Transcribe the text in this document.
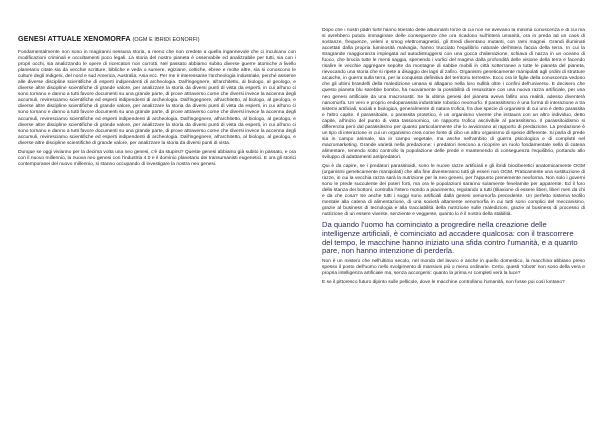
GENESI ATTUALE XENOMORFA (OGM E IBRIDI EONORFI)

Fondamentalmente non sono in magiranni nessuna storia, a meno che non credete a quella ingannevole che ci inculcano con modificazioni criminali e occultamenti poco legali. La storia del nostro pianeta è osservabile ed analizzabile per tutti, sia con i propri occhi, sia analizzando le opere di ricercatori non corrotti. Nel passato abbiamo subito diverse guerre atomiche a livello planetario citate sia da vecchie scritture, bibliche e veda o sumere, egiziane, celtiche, ebree e molte altre, sia si conoscono le culture degli Indigeni, del nord e sud America, Australia, Asia ecc. Per me è interessante l'archeologia industriale, perché assieme alle diverse discipline scientifiche di esperti indipendenti di archeologia. Dall'ingegnere, all'architetto, al biologo, al geologo, e diverse altre discipline scientifiche di grande valore, per analizzare la storia da diversi punti di vista da esperti, in cui all'uno ci sono tornano e danno a tutti favore documenti su una grande parte, di prove attraverso come che diversi invece la accenna degli accumuli, reviresciamo scientifiche ed esperti indipendenti di archeologia. Dall'ingegnere, all'architetto, al biologo, al geologo, e diverse altre discipline scientifiche di grande valore, per analizzare la storia da diversi punti di vista da esperti, in cui all'uno ci sono tornano e danno a tutti favore documenti su una grande parte, di prove attraverso come che diversi invece la accenna degli accumuli, reviresciamo scientifiche ed esperti indipendenti di archeologia. Dall'ingegnere, all'architetto, al biologo, al geologo, e diverse altre discipline scientifiche di grande valore, per analizzare la storia da diversi punti di vista da esperti, in cui all'uno ci sono tornano e danno a tutti favore documenti su una grande parte, di prove attraverso come che diversi invece la accenna degli accumuli, reviresciamo scientifiche ed esperti indipendenti di archeologia. Dall'ingegnere, all'architetto, al biologo, al geologo, e diverse altre discipline scientifiche di grande valore, per analizzare la storia da diversi punti di vista.

Dunque se oggi vivianno per la decima volta una neo genesi, c'è da stupirsi? Queste genesi abbiamo già subito in passato, e ora con il nuovo millennio, la nuova neo genesi con l'industria 4.0 e il dominio planetario dei transumanisti eugenetici. E ora gli storici contemporanei del nuovo millennio, si stanno occupando di investigare la nostra neo genesi.

Dopo che i nostri padri fortil hanno liberato delle allucinanti forze di cui non ne avevano la minima conoscenza e di cui ma si avrebbero potuto immaginare delle conseguenze che ora ricadono sull'intera umanità, ora in preda ad un caos di sostanze, frequenze, veleni e smog elettromagnetici, gli Eredi diventano mutanti, con rami magnei. Grandi illuminati accettati dalla propria luminosità malvagia, hanno trucciato l'equilibrio naturale dell'intera faccia della terra. In cui la stragrande maggioranza impiegata ad autodistruggersi con una gocca d'alienazione, schiava di nazza in un oceano di fuoco, che brucia tutte le menti saggia, spenendo i vorlici del magma dalla profondità delle visione della terra e facendo risalire le vecchie aggregare sepolte da montagne di sabbie mobili in città sotterranee a tutte le pianeta del pianeta, rievocando una storia che si ripete a disaggio dei lagri di zafiro. Organismi geneticamente manipolati agli ordini di strutture arcaiche, in guerra sulla terra, per la conquista definitiva del territorio terrestre. Ecco ora le figlie della conoscenza vedono che gli ultimi brandelli della maledizione umana si allagano nella loro nullità oltre i confini dell'universo. E decisero che questo pianeta blu sarebbe bombo, ha nuovamente la possibilità di resuscitare con una nuova razza artificiale, per una neo genesi artificiale da una macrosostit. Se la ultima genesi del pianeta aveva fallito una realità, adesso diventerà nanomorfa. Un vero e proprio endoparassita industriale robotico neomorfo. Il parassitismo è una forma di interazione a tra sistemi artificiali, sociali e biologica, generalmente di natura trofica, fra due specie di organismi di cui uno è detto parassita e l'altro capite. Il parassitoide, o parassita protetico, è un organismo vivente che instaura con un altro individuo, detto capite, all'inizio del punto di vista tassonomico, un rapporto trofico ascrivibile al parassitismo. Il parassitoidismo si differenzia però dal parassitismo per quanto particolarmente che lo avvicinano al rapporto di predazione. La predazione è un tipo di interazione in cui un organismo crea come fonte di cibo un altro organismo di specie differente. Si parla di prede sia in campo animale, sia in campo vegetale, ma anche nell'ambito di guerra psicologica e di complotti nel macromarketing. Grande varietà nella predazione: i predatori riescono a ricoprire un ruolo fondamentale nella di catena alimentare, tenendo sotto controllo la popolazione delle prede e mantenendo di conseguenza l'equilibrio, portando allo sviluppo di adattamenti antipredatori.

Qui è da capire, se i predatori parassitoidi, sono le nuove razze artificiali e gli ibridi biociberetici anatomicamente OGM (organismi geneticamente manipolati) che alla fine diventeranno tutti gli esseri non OGM. Praticamente una sostituzione di razze, in cui la vecchia razza sarà la nutrizione per la neo genesi, per l'appunto prenemente neoforma. Non solo i governi sono le prede succulente dei poteri forti, ma ora le popolazioni saranno solamente fenelamite per apparente. Ed il foro della stanza dei bottoni, controlla l'intero mondo a piacimento, regolando a tutti (tiliaxione di essere liberi, liberi men da chi e da che cosa? Se anche tutti i soggi sono artificiali dalla genesi xenomorfa precedente. Un perfetto sistema teofilo mentale alla catena di alimentazione, di una società altamente xenomorfia in cui tutti sono complici del meccanismo, grazie al business di tecnologia e alla tracciabilità della nutrizione sulle maledizioni, grazie al business di processo di nutrizione di un essere vivente, senziente e veggente, quanto lo è il nostro della stabilità.

Da quando l'uomo ha cominciato a progredire nella creazione delle intelligenze artificiali, è cominciato ad accadere qualcosa: con il trascorrere del tempo, le macchine hanno iniziato una sfida contro l'umanità, e a quanto pare, non hanno intenzione di perderla.

Non è un mistero che nell'ultimo secolo, nel mondo del lavoro e anche in quello domestico, la macchina abbiano preso spesso il posto dell'uomo nello svolgimento di mansioni più o meno ordinarie. Certo, questi 'robots' non sono della vera e propria intelligenza artificiale ma, senza accorgersi: quanto la prima AI completi verà la luce?

E se il pittoresco futuro dipinto sulle pellicole, dove le macchine controllano l'umanità, non fosse poi così lontano?
